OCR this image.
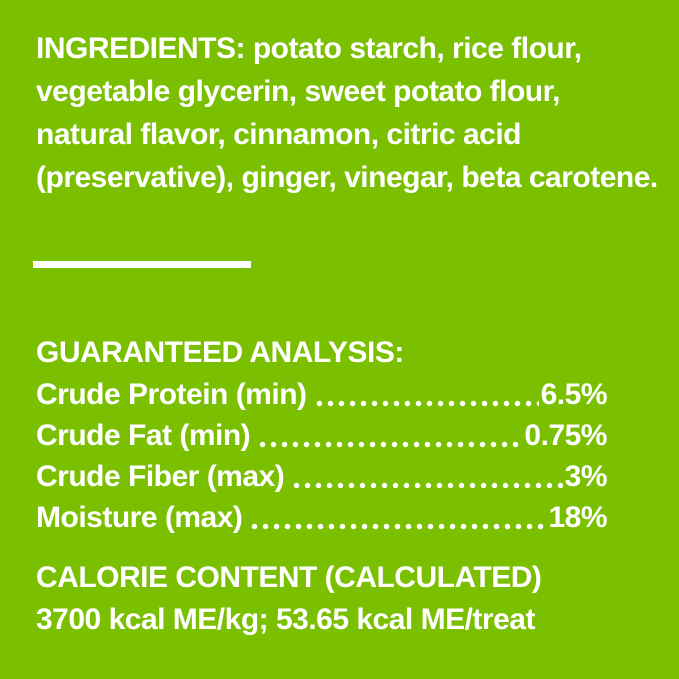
INGREDIENTS: potato starch, rice flour,
vegetable glycerin, sweet potato flour,
natural flavor, cinnamon, citric acid
(preservative), ginger, vinegar, beta carotene.
GUARANTEED ANALYSIS:
Crude Protein (min)	6.5%
Crude Fat (min)	0.75%
Crude Fiber (max)	3%
Moisture (max)	18%
CALORIE CONTENT (CALCULATED)
3700 kcal ME/kg; 53.65 kcal ME/treat
